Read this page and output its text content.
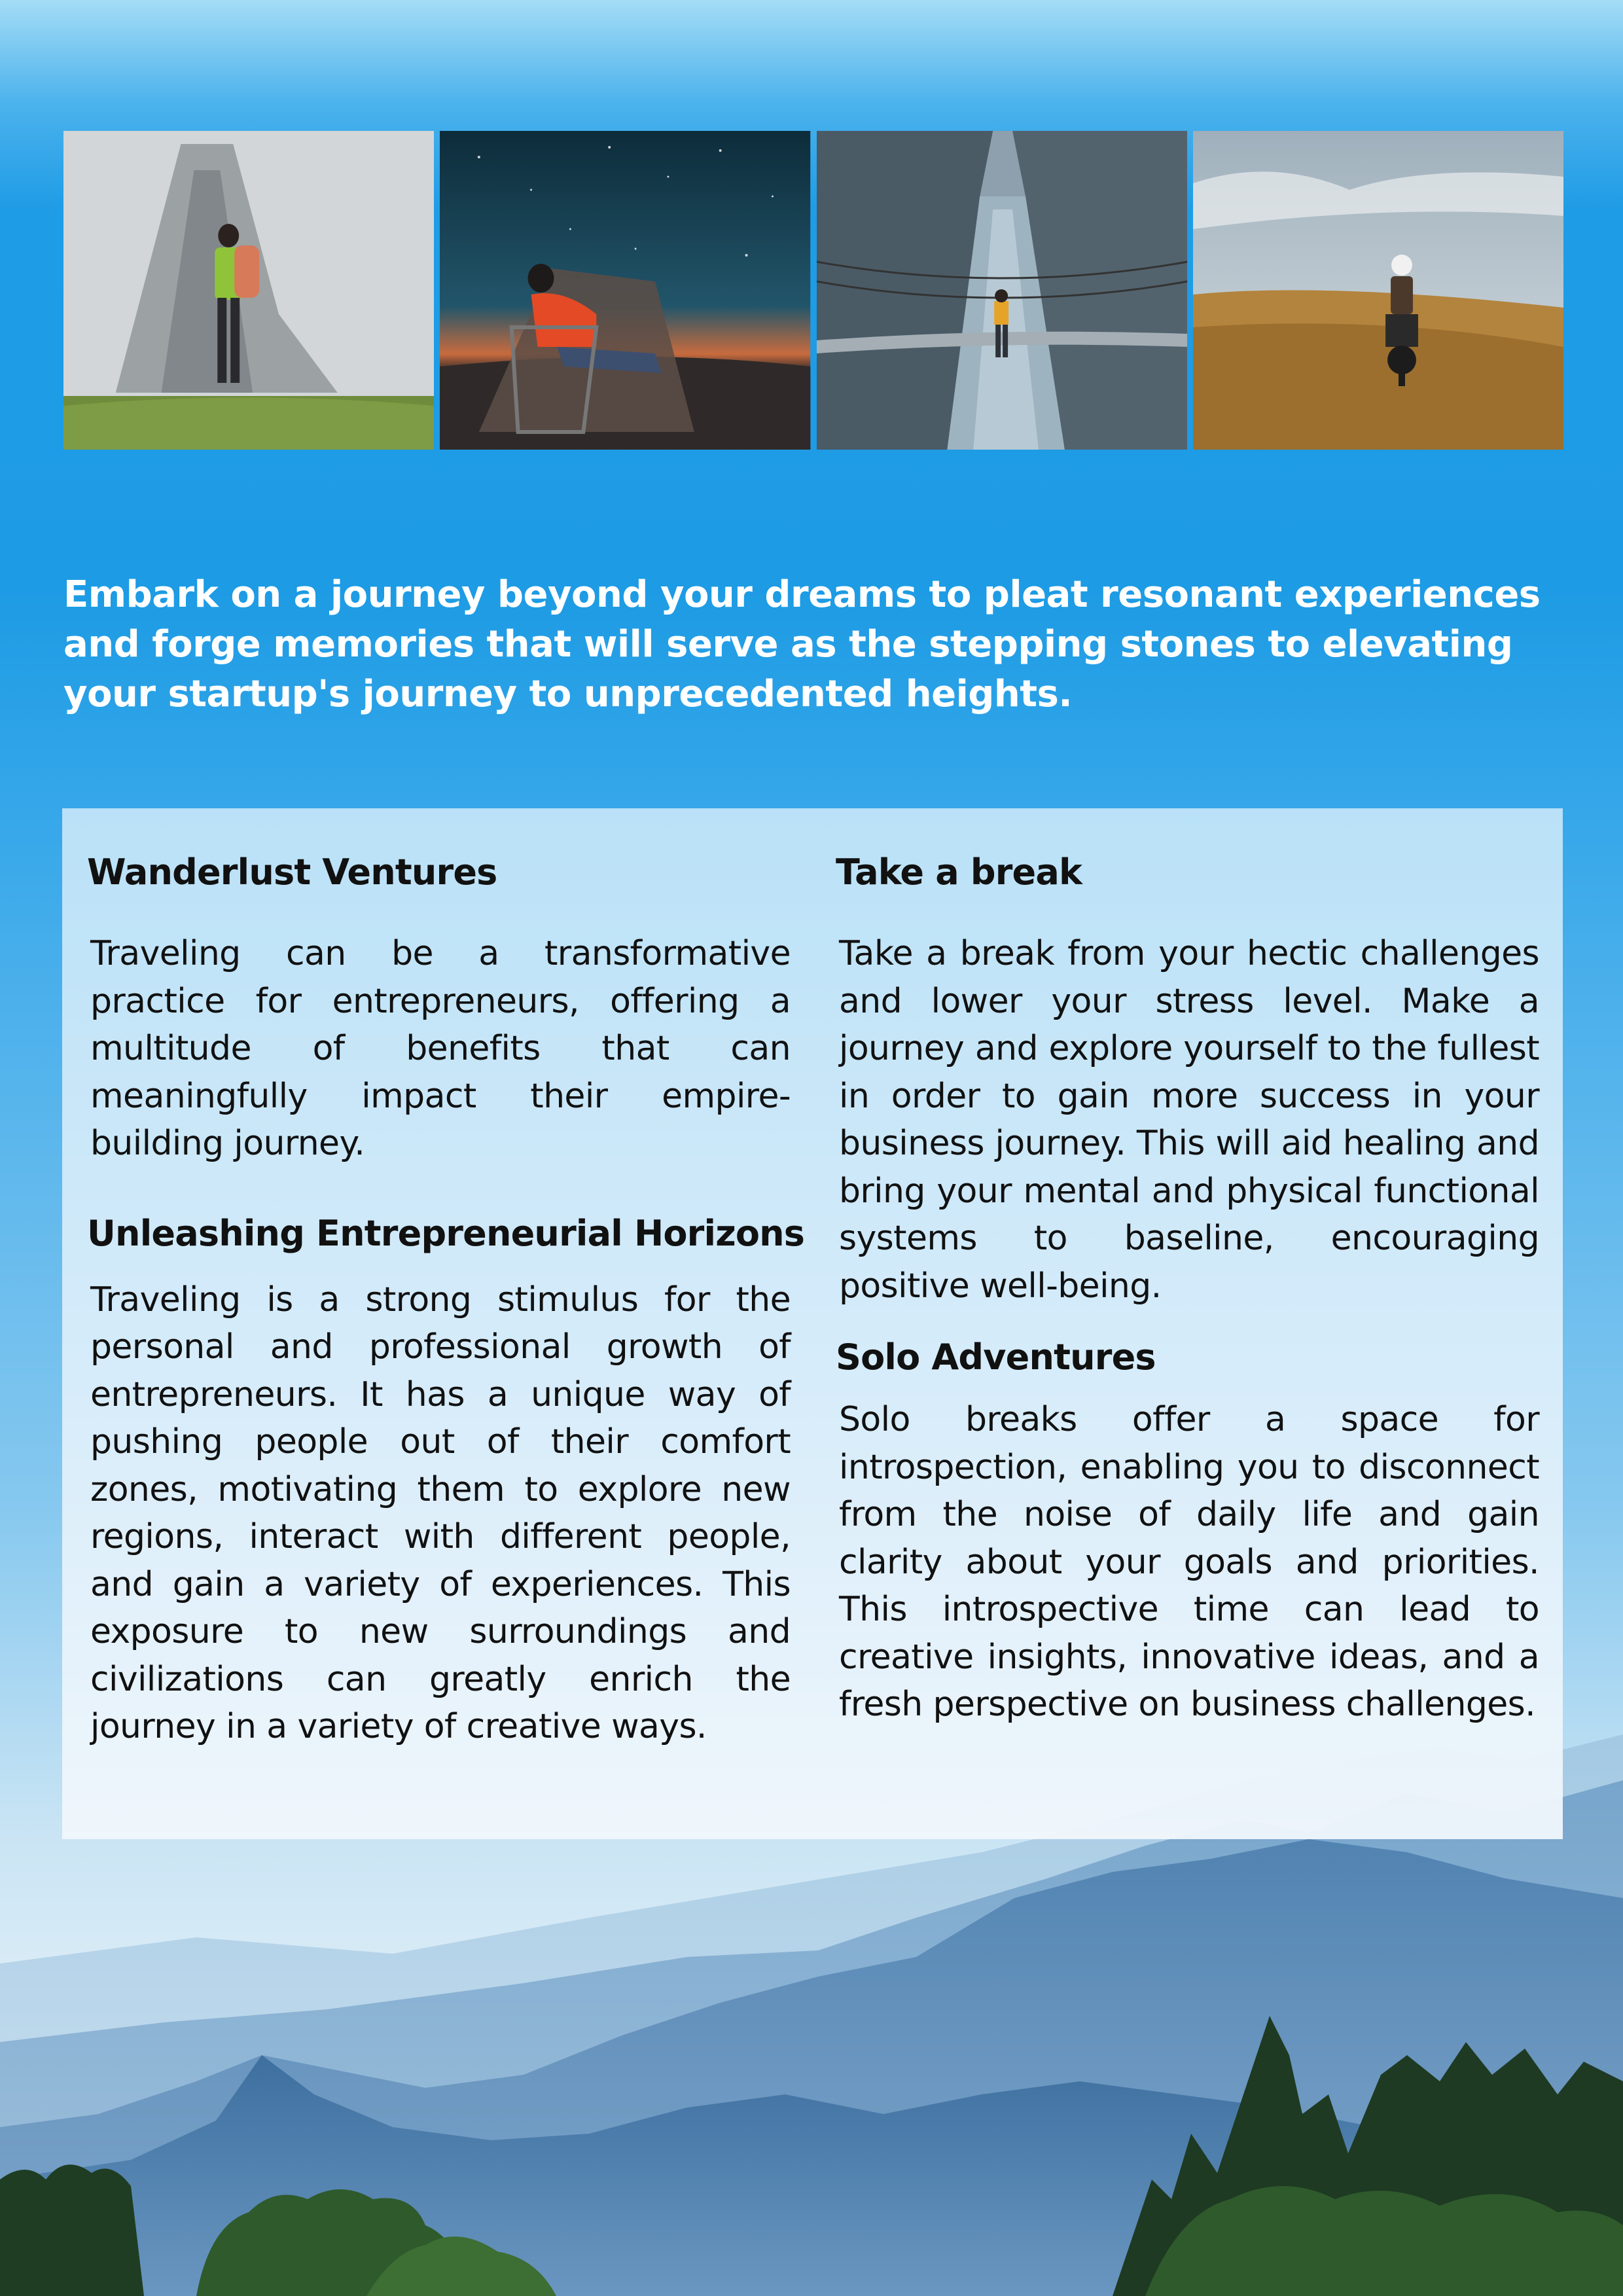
Embark on a journey beyond your dreams to pleat resonant experiences and forge memories that will serve as the stepping stones to elevating your startup's journey to unprecedented heights.

Wanderlust Ventures

Traveling can be a transformative practice for entrepreneurs, offering a multitude of benefits that can meaningfully impact their empire-building journey.

Unleashing Entrepreneurial Horizons

Traveling is a strong stimulus for the personal and professional growth of entrepreneurs. It has a unique way of pushing people out of their comfort zones, motivating them to explore new regions, interact with different people, and gain a variety of experiences. This exposure to new surroundings and civilizations can greatly enrich the journey in a variety of creative ways.

Take a break

Take a break from your hectic challenges and lower your stress level. Make a journey and explore yourself to the fullest in order to gain more success in your business journey. This will aid healing and bring your mental and physical functional systems to baseline, encouraging positive well-being.

Solo Adventures

Solo breaks offer a space for introspection, enabling you to disconnect from the noise of daily life and gain clarity about your goals and priorities. This introspective time can lead to creative insights, innovative ideas, and a fresh perspective on business challenges.
